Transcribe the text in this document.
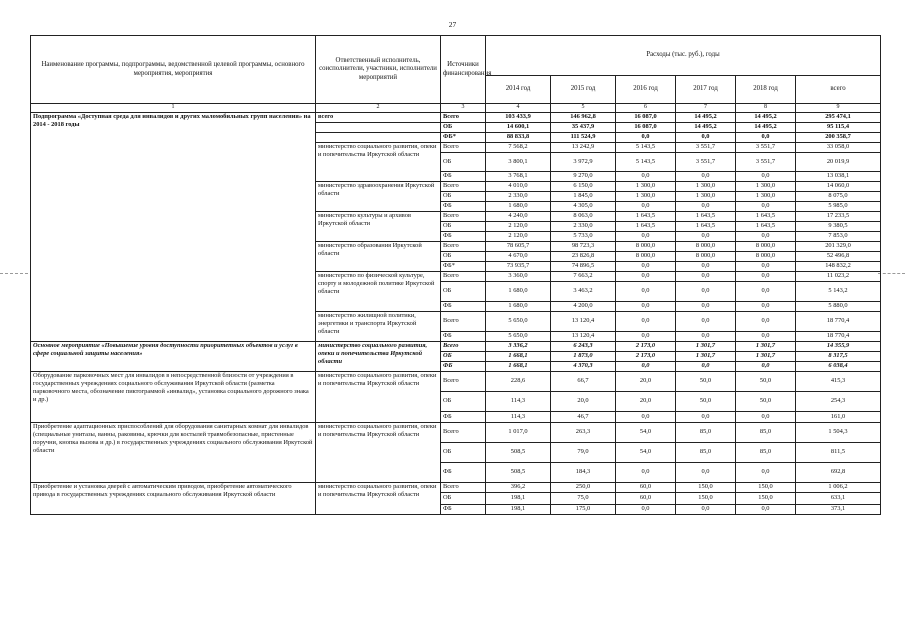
27
Наименование программы, подпрограммы, ведомственной целевой программы, основного мероприятия, мероприятия	Ответственный исполнитель, соисполнители, участники, исполнители мероприятий	Источники финансирования	Расходы (тыс. руб.), годы					
			2014 год	2015 год	2016 год	2017 год	2018 год	всего
1	2	3	4	5	6	7	8	9
Подпрограмма «Доступная среда для инвалидов и других маломобильных групп населения» на 2014 - 2018 годы	всего	Всего	103 433,9	146 962,8	16 087,0	14 495,2	14 495,2	295 474,1
		ОБ	14 600,1	35 437,9	16 087,0	14 495,2	14 495,2	95 115,4
		ФБ*	88 833,8	111 524,9	0,0	0,0	0,0	200 358,7
	министерство социального развития, опеки и попечительства Иркутской области	Всего	7 568,2	13 242,9	5 143,5	3 551,7	3 551,7	33 058,0
		ОБ	3 800,1	3 972,9	5 143,5	3 551,7	3 551,7	20 019,9
		ФБ	3 768,1	9 270,0	0,0	0,0	0,0	13 038,1
	министерство здравоохранения Иркутской области	Всего	4 010,0	6 150,0	1 300,0	1 300,0	1 300,0	14 060,0
		ОБ	2 330,0	1 845,0	1 300,0	1 300,0	1 300,0	8 075,0
		ФБ	1 680,0	4 305,0	0,0	0,0	0,0	5 985,0
	министерство культуры и архивов Иркутской области	Всего	4 240,0	8 063,0	1 643,5	1 643,5	1 643,5	17 233,5
		ОБ	2 120,0	2 330,0	1 643,5	1 643,5	1 643,5	9 380,5
		ФБ	2 120,0	5 733,0	0,0	0,0	0,0	7 853,0
	министерство образования Иркутской области	Всего	78 605,7	98 723,3	8 000,0	8 000,0	8 000,0	201 329,0
		ОБ	4 670,0	23 826,8	8 000,0	8 000,0	8 000,0	52 496,8
		ФБ*	73 935,7	74 896,5	0,0	0,0	0,0	148 832,2
	министерство по физической культуре, спорту и молодежной политике Иркутской области	Всего	3 360,0	7 663,2	0,0	0,0	0,0	11 023,2
		ОБ	1 680,0	3 463,2	0,0	0,0	0,0	5 143,2
		ФБ	1 680,0	4 200,0	0,0	0,0	0,0	5 880,0
	министерство жилищной политики, энергетики и транспорта Иркутской области	Всего	5 650,0	13 120,4	0,0	0,0	0,0	18 770,4
		ФБ	5 650,0	13 120,4	0,0	0,0	0,0	18 770,4
Основное мероприятие «Повышение уровня доступности приоритетных объектов и услуг в сфере социальной защиты населения»	министерство социального развития, опеки и попечительства Иркутской области	Всего	3 336,2	6 243,3	2 173,0	1 301,7	1 301,7	14 355,9
		ОБ	1 668,1	1 873,0	2 173,0	1 301,7	1 301,7	8 317,5
		ФБ	1 668,1	4 370,3	0,0	0,0	0,0	6 038,4
Оборудование парковочных мест для инвалидов в непосредственной близости от учреждения в государственных учреждениях социального обслуживания Иркутской области (разметка парковочного места, обозначение пиктограммой «инвалид», установка социального дорожного знака и др.)	министерство социального развития, опеки и попечительства Иркутской области	Всего	228,6	66,7	20,0	50,0	50,0	415,3
		ОБ	114,3	20,0	20,0	50,0	50,0	254,3
		ФБ	114,3	46,7	0,0	0,0	0,0	161,0
Приобретение адаптационных приспособлений для оборудования санитарных комнат для инвалидов (специальные унитазы, ванны, раковины, крючки для костылей травмобезопасные, пристенные поручни, кнопка вызова и др.) в государственных учреждениях социального обслуживания Иркутской области	министерство социального развития, опеки и попечительства Иркутской области	Всего	1 017,0	263,3	54,0	85,0	85,0	1 504,3
		ОБ	508,5	79,0	54,0	85,0	85,0	811,5
		ФБ	508,5	184,3	0,0	0,0	0,0	692,8
Приобретение и установка дверей с автоматическим приводом, приобретение автоматического привода в государственных учреждениях социального обслуживания Иркутской области	министерство социального развития, опеки и попечительства Иркутской области	Всего	396,2	250,0	60,0	150,0	150,0	1 006,2
		ОБ	198,1	75,0	60,0	150,0	150,0	633,1
		ФБ	198,1	175,0	0,0	0,0	0,0	373,1
